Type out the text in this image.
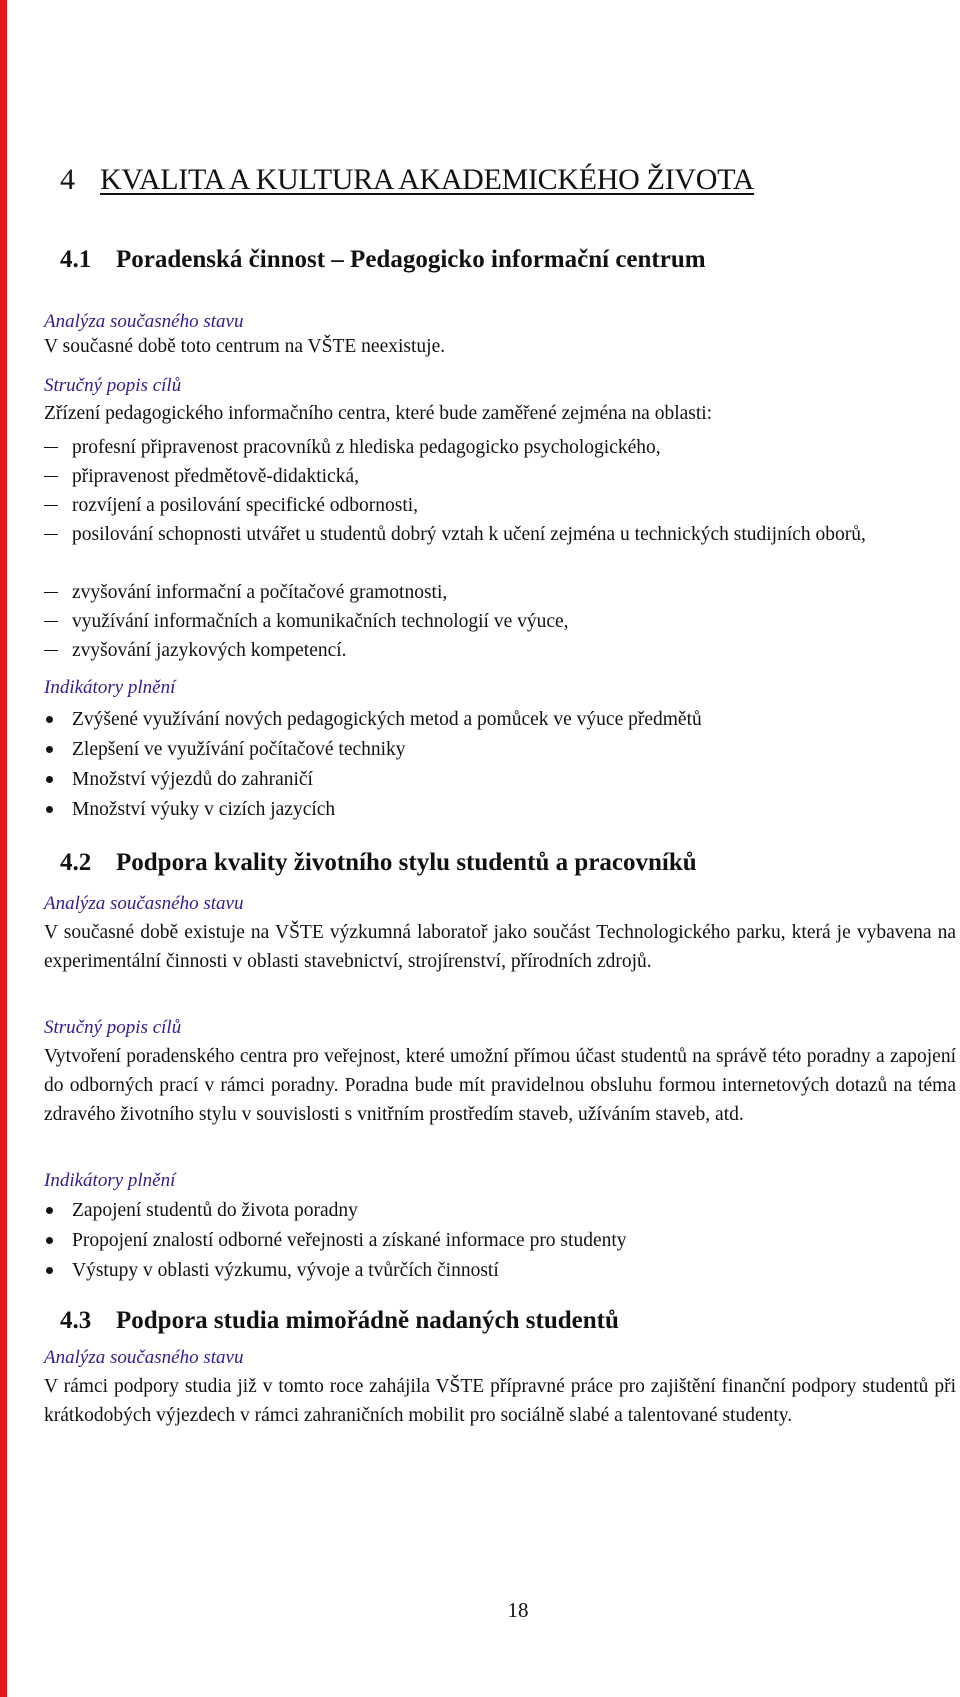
4 KVALITA A KULTURA AKADEMICKÉHO ŽIVOTA
4.1 Poradenská činnost – Pedagogicko informační centrum

Analýza současného stavu

V současné době toto centrum na VŠTE neexistuje.

Stručný popis cílů

Zřízení pedagogického informačního centra, které bude zaměřené zejména na oblasti:

profesní připravenost pracovníků z hlediska pedagogicko psychologického,
připravenost předmětově-didaktická,
rozvíjení a posilování specifické odbornosti,
posilování schopnosti utvářet u studentů dobrý vztah k učení zejména u technických studijních oborů,
zvyšování informační a počítačové gramotnosti,
využívání informačních a komunikačních technologií ve výuce,
zvyšování jazykových kompetencí.

Indikátory plnění

Zvýšené využívání nových pedagogických metod a pomůcek ve výuce předmětů
Zlepšení ve využívání počítačové techniky
Množství výjezdů do zahraničí
Množství výuky v cizích jazycích
4.2 Podpora kvality životního stylu studentů a pracovníků

Analýza současného stavu

V současné době existuje na VŠTE výzkumná laboratoř jako součást Technologického parku, která je vybavena na experimentální činnosti v oblasti stavebnictví, strojírenství, přírodních zdrojů.

Stručný popis cílů

Vytvoření poradenského centra pro veřejnost, které umožní přímou účast studentů na správě této poradny a zapojení do odborných prací v rámci poradny. Poradna bude mít pravidelnou obsluhu formou internetových dotazů na téma zdravého životního stylu v souvislosti s vnitřním prostředím staveb, užíváním staveb, atd.

Indikátory plnění

Zapojení studentů do života poradny
Propojení znalostí odborné veřejnosti a získané informace pro studenty
Výstupy v oblasti výzkumu, vývoje a tvůrčích činností
4.3 Podpora studia mimořádně nadaných studentů

Analýza současného stavu

V rámci podpory studia již v tomto roce zahájila VŠTE přípravné práce pro zajištění finanční podpory studentů při krátkodobých výjezdech v rámci zahraničních mobilit pro sociálně slabé a talentované studenty.

18
